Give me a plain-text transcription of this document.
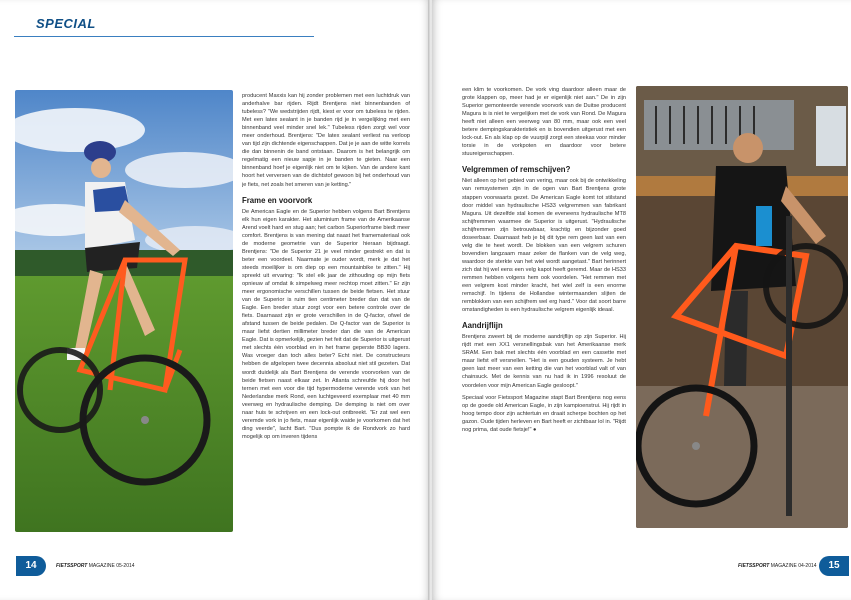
SPECIAL

producent Maxxis kan hij zonder problemen met een luchtdruk van anderhalve bar rijden. Rijdt Brentjens niet binnenbanden of tubeless? "We wedstrijden rijdt, kiest er voor om tubeless te rijden. Met een latex sealant in je banden rijd je in vergelijking met een binnenband veel minder snel lek." Tubeless rijden zorgt wel voor meer onderhoud. Brentjens: "De latex sealant verliest na verloop van tijd zijn dichtende eigenschappen. Dat je je aan de witte korrels die dan binnenin de band ontstaan. Daarom is het belangrijk om regelmatig een nieuw sapje in je banden te gieten. Naar een binnenband hoef je eigenlijk niet om te kijken. Van de andere kant hoort het verversen van de dichtstof gewoon bij het onderhoud van je fiets, net zoals het smeren van je ketting."

Frame en voorvork

De American Eagle en de Superior hebben volgens Bart Brentjens elk hun eigen karakter. Het aluminium frame van de Amerikaanse Arend voelt hard en stug aan; het carbon Superiorframe biedt meer comfort. Brentjens is van mening dat naast het framemateriaal ook de moderne geometrie van de Superior hieraan bijdraagt. Brentjens: "De de Superior 21 je veel minder gestrekt en dat is beter een voordeel. Naarmate je ouder wordt, merk je dat het steeds moeilijker is om diep op een mountainbike te zitten." Hij spreekt uit ervaring: "Ik stel elk jaar de zithouding op mijn fiets opnieuw af omdat ik simpelweg meer rechtop moet zitten." Er zijn meer ergonomische verschillen tussen de beide fietsen. Het stuur van de Superior is ruim tien centimeter breder dan dat van de Eagle. Een breder stuur zorgt voor een betere controle over de fiets. Daarnaast zijn er grote verschillen in de Q-factor, ofwel de afstand tussen de beide pedalen. De Q-factor van de Superior is maar liefst dertien millimeter breder dan die van de American Eagle. Dat is opmerkelijk, gezien het feit dat de Superior is uitgerust met slechts één voorblad en in het frame geperste BB30 lagers. Was vroeger dan toch alles beter? Echt niet. De constructeurs hebben de afgelopen twee decennia absoluut niet stil gezeten. Dat wordt duidelijk als Bart Brentjens de verende voorvorken van de beide fietsen naast elkaar zet. In Atlanta schreufde hij door het ternen met een voor die tijd hypermoderne verende vork van het Nederlandse merk Rond, een luchtgeveerd exemplaar met 40 mm veerweg en hydraulische demping. De demping is niet om over naar huis te schrijven en een lock-out ontbreekt. "Er zat wel een veremde vork in jo fiets, maar eigenlijk waide je voorkomen dat het ding veerde", lacht Bart. "Dus pompte ik de Rondvork zo hard mogelijk op om inveren tijdens

14	FIETSSPORT MAGAZINE 05-2014

een klim te voorkomen. De vork ving daardoor alleen maar de grote klappen op, meer had je er eigenlijk niet aan." De in zijn Superior gemonteerde verende voorvork van de Duitse producent Magura is is niet te vergelijken met de vork van Rond. De Magura heeft niet alleen een veerweg van 80 mm, maar ook een veel betere dempingskarakteristiek en is bovendien uitgerust met een lock-out. En als klap op de vuurpijl zorgt een steekas voor minder torsie in de vorkpoten en daardoor voor betere stuureigenschappen.

Velgremmen of remschijven?

Niet alleen op het gebied van vering, maar ook bij de ontwikkeling van remsystemen zijn in de ogen van Bart Brentjens grote stappen voorwaarts gezet. De American Eagle komt tot stilstand door middel van hydraulische HS33 velgremmen van fabrikant Magura. Uit dezelfde stal komen de eveneens hydraulische MT8 schijfremmen waarmee de Superior is uitgerust. "Hydraulische schijfremmen zijn betrouwbaar, krachtig en bijzonder goed doseerbaar. Daarnaast heb je bij dit type rem geen last van een velg die te heet wordt. De blokken van een velgrem schuren bovendien langzaam maar zeker de flanken van de velg weg, waardoor de sterkte van het wiel wordt aangetast." Bart herinnert zich dat hij wel eens een velg kapot heeft geremd. Maar de HS33 remmen hebben volgens hem ook voordelen. "Het remmen met een velgrem kost minder kracht, het wiel zelf is een enorme remschijf. In tijdens de Hollandse wintermaanden slijten de remblokken van een schijfrem wel erg hard." Voor dat soort barre omstandigheden is een hydraulische velgrem eigenlijk ideaal.

Aandrijflijn

Brentjens zweert bij de moderne aandrijflijn op zijn Superior. Hij rijdt met een XX1 versnellingsbak van het Amerikaanse merk SRAM. Een bak met slechts één voorblad en een cassette met maar liefst elf versnellen. "Het is een gouden systeem. Je hebt geen last meer van een ketting die van het voorblad valt of van chainsuck. Met de kennis van nu had ik in 1996 resoluut de voordelen voor mijn American Eagle gesloopt."

Speciaal voor Fietssport Magazine stapt Bart Brentjens nog eens op de goede old American Eagle, in zijn kampioenstrui. Hij rijdt in hoog tempo door zijn achtertuin en draait scherpe bochten op het gazon. Oude tijden herleven en Bart heeft er zichtbaar lol in. "Rijdt nog prima, dat oude fietsje!" ●

15
FIETSSPORT MAGAZINE 04-2014
